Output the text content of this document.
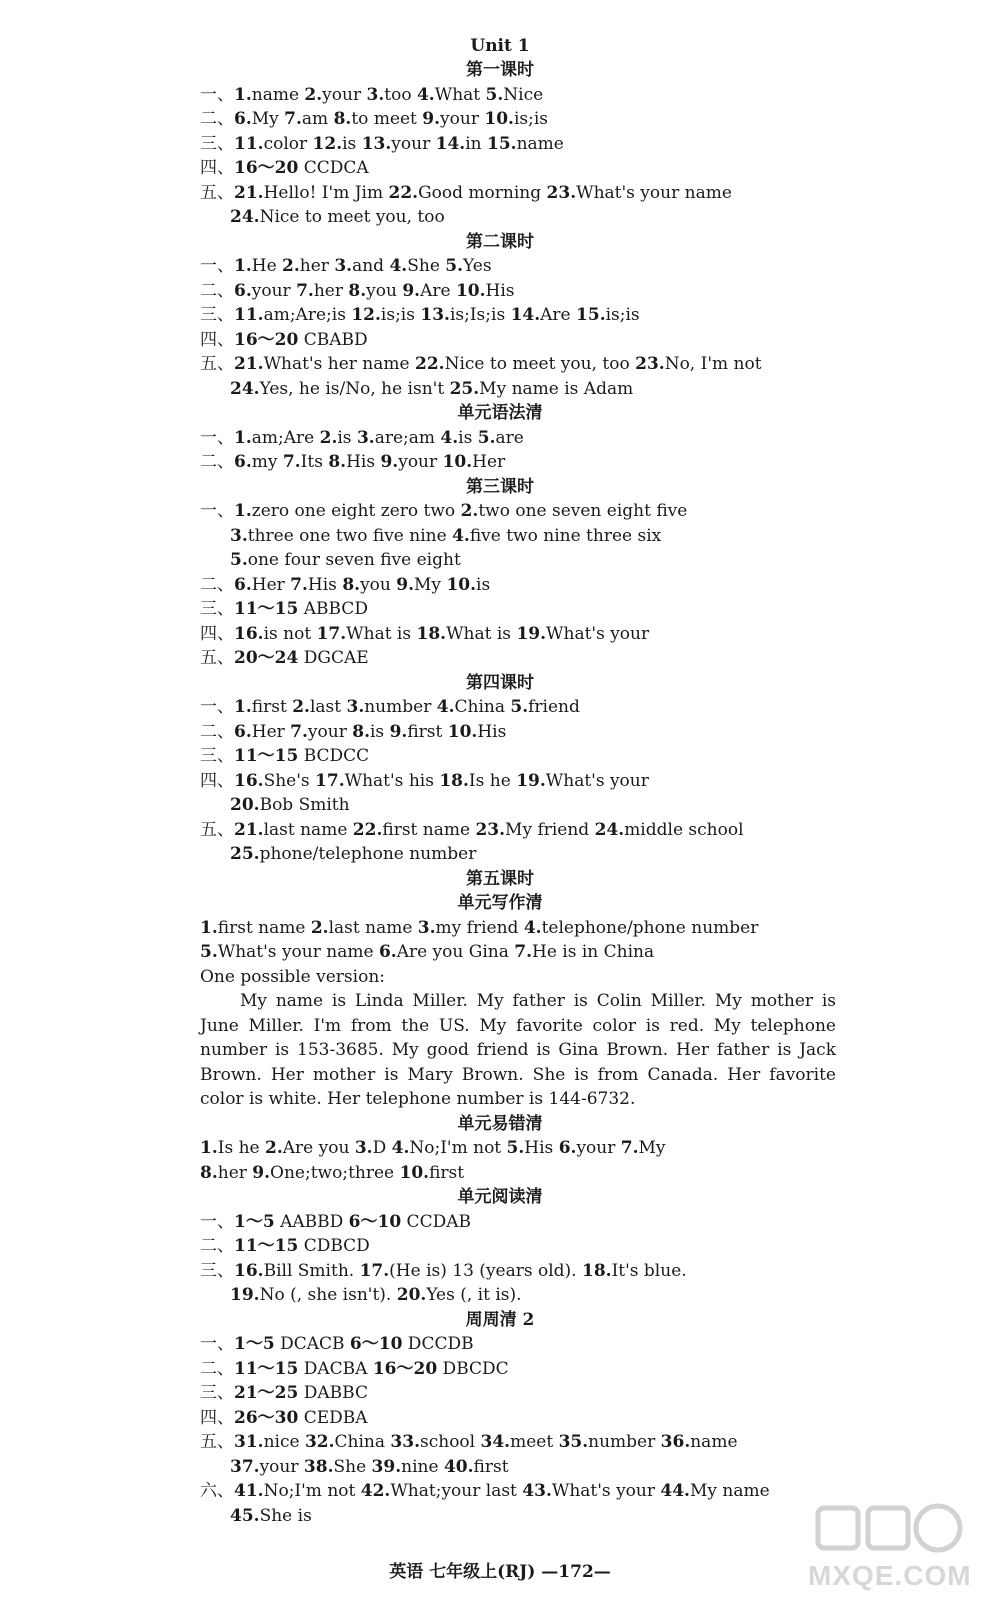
Unit 1
第一课时
一、1.name 2.your 3.too 4.What 5.Nice
二、6.My 7.am 8.to meet 9.your 10.is;is
三、11.color 12.is 13.your 14.in 15.name
四、16～20 CCDCA
五、21.Hello! I'm Jim 22.Good morning 23.What's your name
24.Nice to meet you, too
第二课时
一、1.He 2.her 3.and 4.She 5.Yes
二、6.your 7.her 8.you 9.Are 10.His
三、11.am;Are;is 12.is;is 13.is;Is;is 14.Are 15.is;is
四、16～20 CBABD
五、21.What's her name 22.Nice to meet you, too 23.No, I'm not
24.Yes, he is/No, he isn't 25.My name is Adam
单元语法清
一、1.am;Are 2.is 3.are;am 4.is 5.are
二、6.my 7.Its 8.His 9.your 10.Her
第三课时
一、1.zero one eight zero two 2.two one seven eight five
3.three one two five nine 4.five two nine three six
5.one four seven five eight
二、6.Her 7.His 8.you 9.My 10.is
三、11～15 ABBCD
四、16.is not 17.What is 18.What is 19.What's your
五、20～24 DGCAE
第四课时
一、1.first 2.last 3.number 4.China 5.friend
二、6.Her 7.your 8.is 9.first 10.His
三、11～15 BCDCC
四、16.She's 17.What's his 18.Is he 19.What's your
20.Bob Smith
五、21.last name 22.first name 23.My friend 24.middle school
25.phone/telephone number
第五课时
单元写作清
1.first name 2.last name 3.my friend 4.telephone/phone number
5.What's your name 6.Are you Gina 7.He is in China
One possible version:

My name is Linda Miller. My father is Colin Miller. My mother is June Miller. I'm from the US. My favorite color is red. My telephone number is 153-3685. My good friend is Gina Brown. Her father is Jack Brown. Her mother is Mary Brown. She is from Canada. Her favorite color is white. Her telephone number is 144-6732.

单元易错清
1.Is he 2.Are you 3.D 4.No;I'm not 5.His 6.your 7.My
8.her 9.One;two;three 10.first
单元阅读清
一、1～5 AABBD 6～10 CCDAB
二、11～15 CDBCD
三、16.Bill Smith. 17.(He is) 13 (years old). 18.It's blue.
19.No (, she isn't). 20.Yes (, it is).
周周清 2
一、1～5 DCACB 6～10 DCCDB
二、11～15 DACBA 16～20 DBCDC
三、21～25 DABBC
四、26～30 CEDBA
五、31.nice 32.China 33.school 34.meet 35.number 36.name
37.your 38.She 39.nine 40.first
六、41.No;I'm not 42.What;your last 43.What's your 44.My name
45.She is
英语 七年级上(RJ) —172—	MXQE.COM
